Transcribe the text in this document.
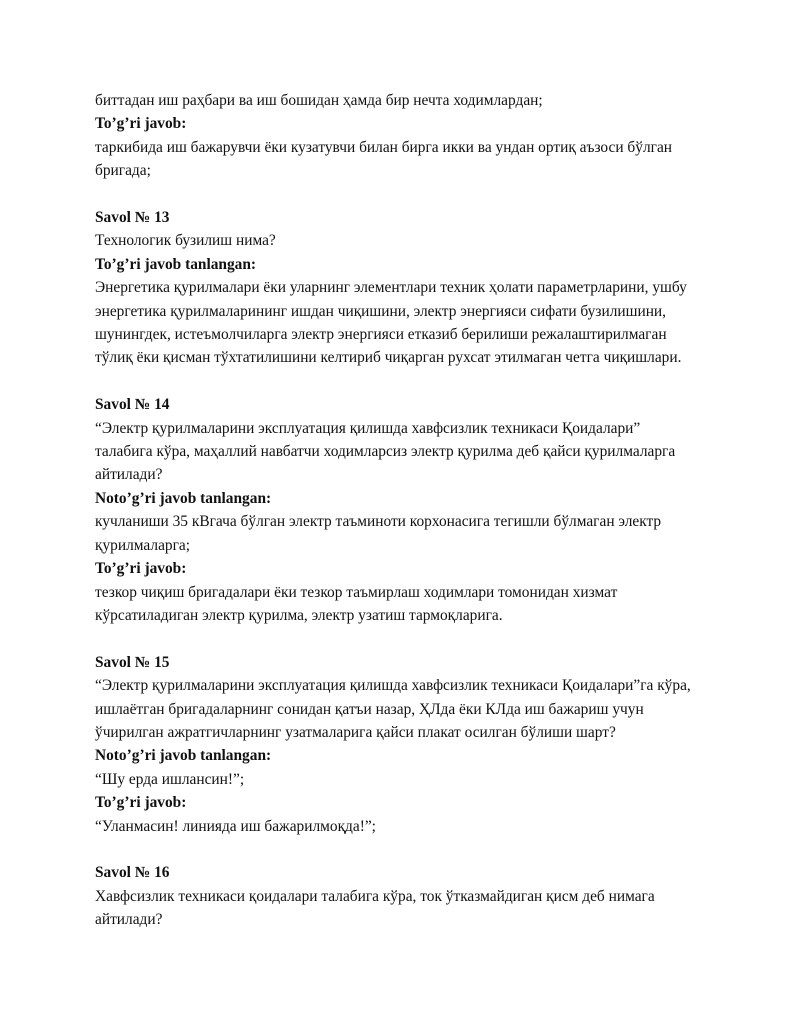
биттадан иш раҳбари ва иш бошидан ҳамда бир нечта ходимлардан;
To’g’ri javob:
таркибида иш бажарувчи ёки кузатувчи билан бирга икки ва ундан ортиқ аъзоси бўлган
бригада;
Savol № 13
Технологик бузилиш нима?
To’g’ri javob tanlangan:
Энергетика қурилмалари ёки уларнинг элементлари техник ҳолати параметрларини, ушбу
энергетика қурилмаларининг ишдан чиқишини, электр энергияси сифати бузилишини,
шунингдек, истеъмолчиларга электр энергияси етказиб берилиши режалаштирилмаган
тўлиқ ёки қисман тўхтатилишини келтириб чиқарган рухсат этилмаган четга чиқишлари.
Savol № 14
“Электр қурилмаларини эксплуатация қилишда хавфсизлик техникаси Қоидалари”
талабига кўра, маҳаллий навбатчи ходимларсиз электр қурилма деб қайси қурилмаларга
айтилади?
Noto’g’ri javob tanlangan:
кучланиши 35 кВгача бўлган электр таъминоти корхонасига тегишли бўлмаган электр
қурилмаларга;
To’g’ri javob:
тезкор чиқиш бригадалари ёки тезкор таъмирлаш ходимлари томонидан хизмат
кўрсатиладиган электр қурилма, электр узатиш тармоқларига.
Savol № 15
“Электр қурилмаларини эксплуатация қилишда хавфсизлик техникаси Қоидалари”га кўра,
ишлаётган бригадаларнинг сонидан қатъи назар, ҲЛда ёки КЛда иш бажариш учун
ўчирилган ажратгичларнинг узатмаларига қайси плакат осилган бўлиши шарт?
Noto’g’ri javob tanlangan:
“Шу ерда ишлансин!”;
To’g’ri javob:
“Уланмасин! линияда иш бажарилмоқда!”;
Savol № 16
Хавфсизлик техникаси қоидалари талабига кўра, ток ўтказмайдиган қисм деб нимага
айтилади?
